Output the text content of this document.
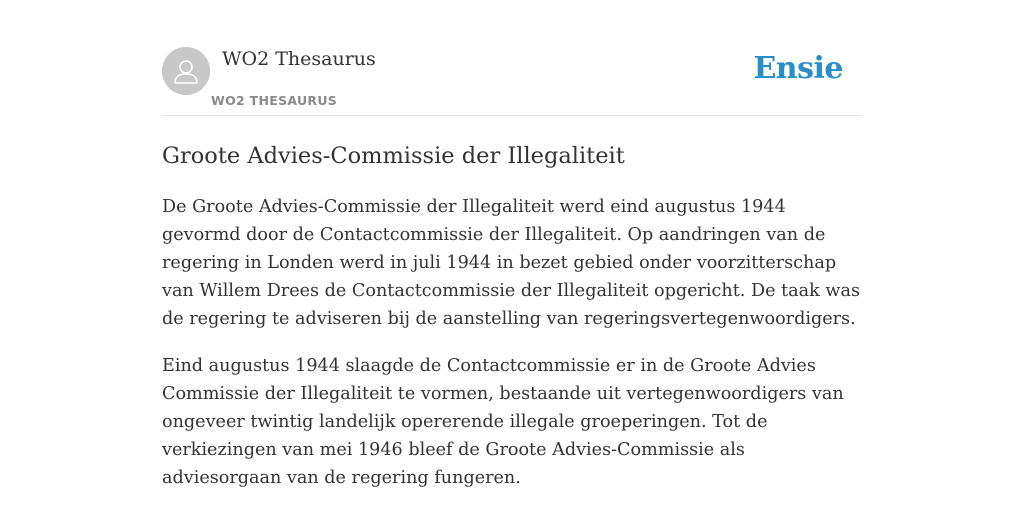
WO2 Thesaurus
WO2 THESAURUS
Ensie
Groote Advies-Commissie der Illegaliteit

De Groote Advies-Commissie der Illegaliteit werd eind augustus 1944 gevormd door de Contactcommissie der Illegaliteit. Op aandringen van de regering in Londen werd in juli 1944 in bezet gebied onder voorzitterschap van Willem Drees de Contactcommissie der Illegaliteit opgericht. De taak was de regering te adviseren bij de aanstelling van regeringsvertegenwoordigers.

Eind augustus 1944 slaagde de Contactcommissie er in de Groote Advies Commissie der Illegaliteit te vormen, bestaande uit vertegenwoordigers van ongeveer twintig landelijk opererende illegale groeperingen. Tot de verkiezingen van mei 1946 bleef de Groote Advies-Commissie als adviesorgaan van de regering fungeren.
